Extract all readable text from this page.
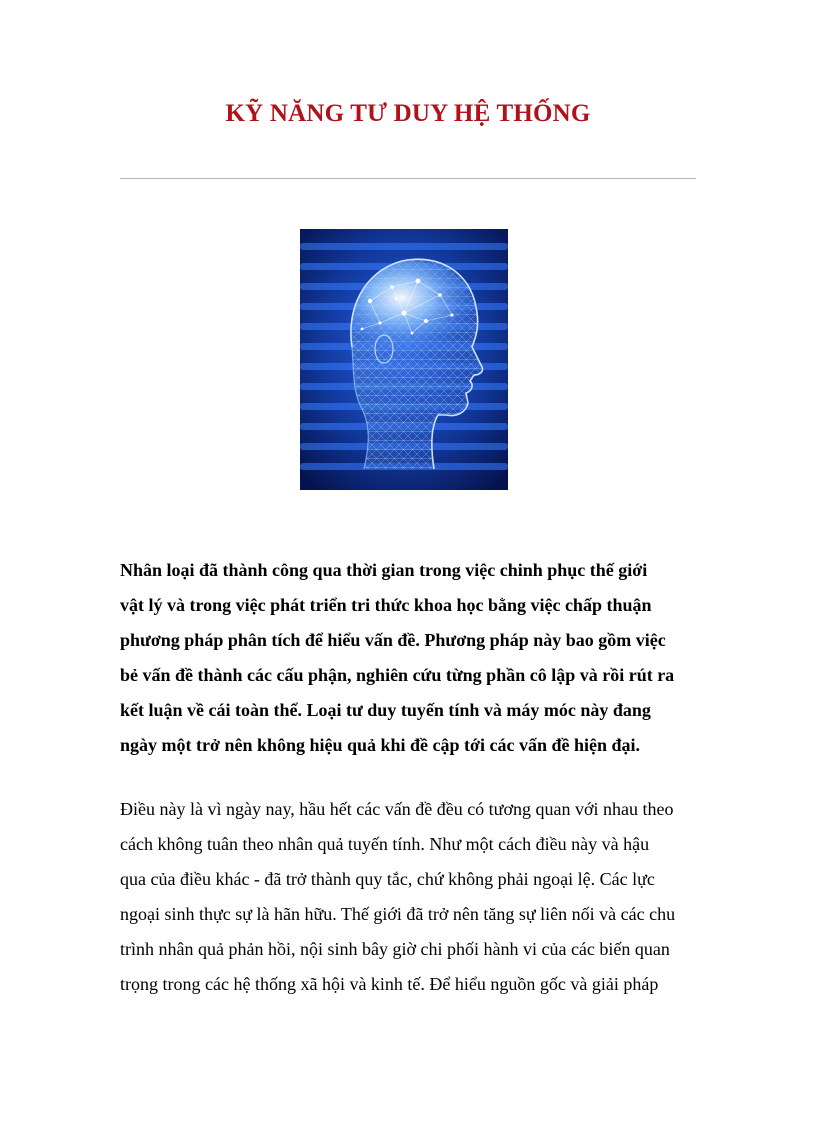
KỸ NĂNG TƯ DUY HỆ THỐNG
Nhân loại đã thành công qua thời gian trong việc chinh phục thế giới
vật lý và trong việc phát triển tri thức khoa học bằng việc chấp thuận
phương pháp phân tích để hiểu vấn đề. Phương pháp này bao gồm việc
bẻ vấn đề thành các cấu phận, nghiên cứu từng phần cô lập và rồi rút ra
kết luận về cái toàn thể. Loại tư duy tuyến tính và máy móc này đang
ngày một trở nên không hiệu quả khi đề cập tới các vấn đề hiện đại.
Điều này là vì ngày nay, hầu hết các vấn đề đều có tương quan với nhau theo
cách không tuân theo nhân quả tuyến tính. Như một cách điều này và hậu
qua của điều khác - đã trở thành quy tắc, chứ không phải ngoại lệ. Các lực
ngoại sinh thực sự là hãn hữu. Thế giới đã trở nên tăng sự liên nối và các chu
trình nhân quả phản hồi, nội sinh bây giờ chi phối hành vi của các biến quan
trọng trong các hệ thống xã hội và kinh tế. Để hiểu nguồn gốc và giải pháp
